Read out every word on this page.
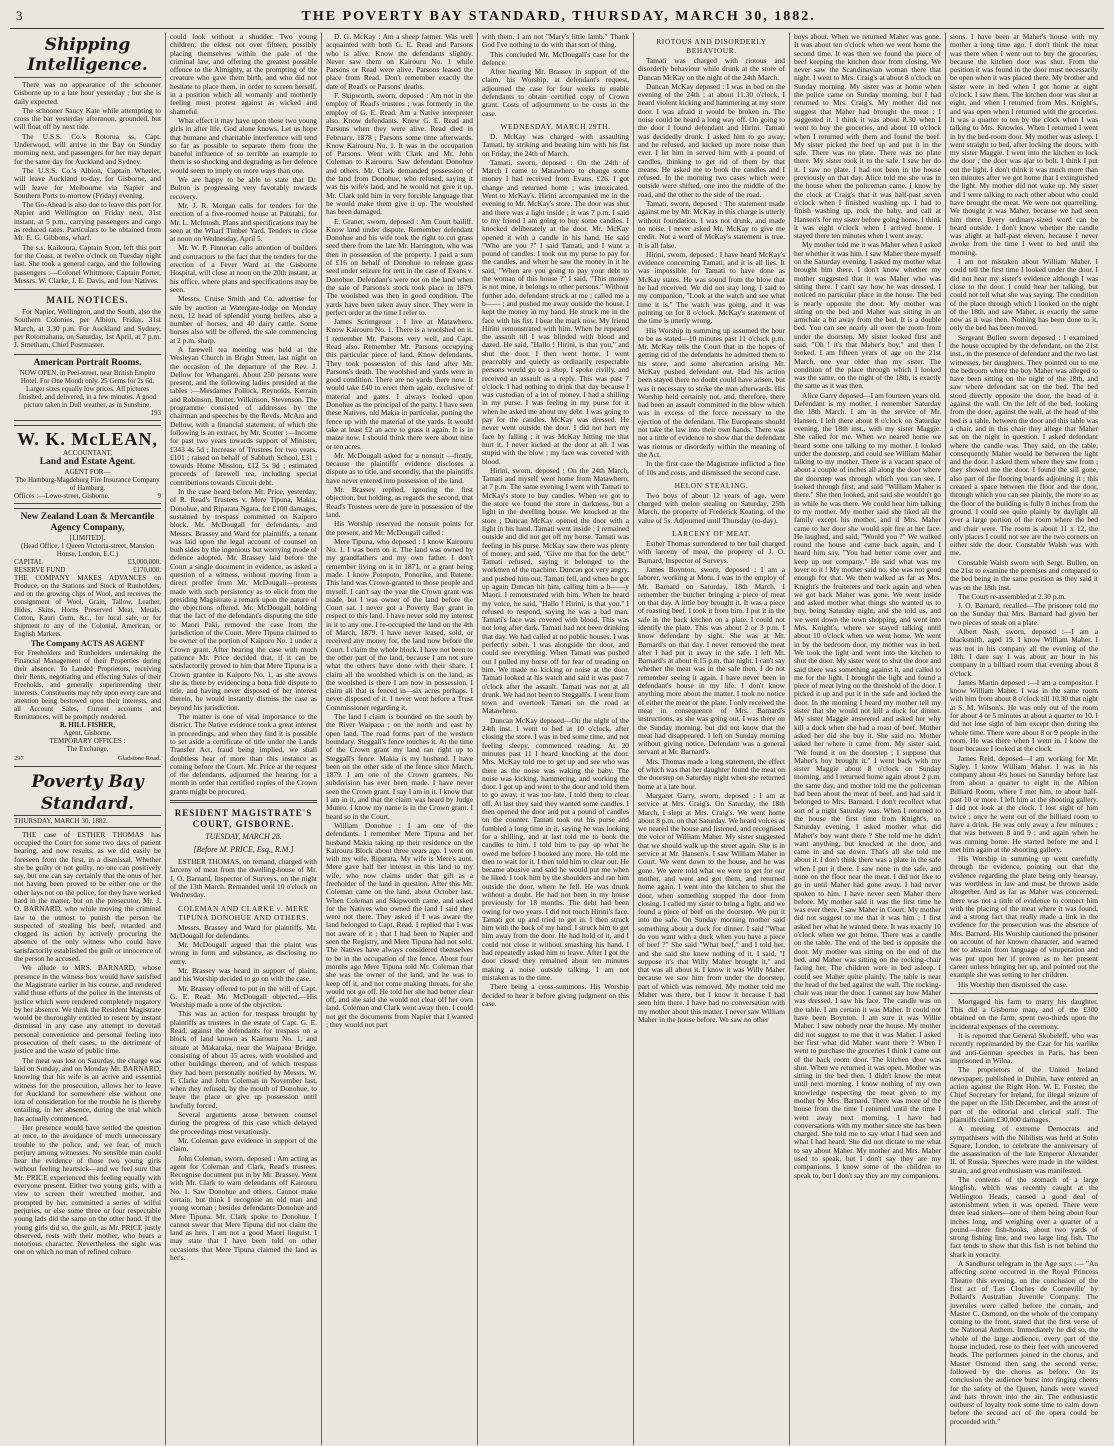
3	THE POVERTY BAY STANDARD, THURSDAY, MARCH 30, 1882.

Shipping Intelligence.

There was no appearance of the schooner Gisborne up to a late hour yesterday ; but she is daily expected.

The schooner Saucy Kate while attempting to cross the bar yesterday afternoon, grounded, but will float off by next tide.

The U.S.S. Co.'s Rotorua ss, Capt. Underwood, will arrive in the Bay on Sunday morning next, and passengers for her may depart for the same day for Auckland and Sydney.

The U.S.S. Co.'s Albion, Captain Wheeler, will leave Auckland to-day, for Gisborne, and will leave for Melbourne via Napier and Southern Ports to-morrow (Friday) evening.

The Go-Ahead is also due to leave this port for Napier and Wellington on Friday next, 31st instant, at 5 p.m., carrying passengers and cargo as reduced rates. Particulars to be obtained from Mr. E. G. Gibbons, wharf.

The s.s. Kaikoura, Captain Scott, left this port for the Coast, at twelve o'clock on Tuesday night last. She took a general cargo, and the following passengers :—Colonel Whitmore, Captain Porter, Messrs. W. Clarke, J. E. Davis, and four Natives.

MAIL NOTICES.

For Napier, Wellington, and the South, also the Southern Colonies, per Albion, Friday, 31st March, at 3.30 p.m. For Auckland and Sydney, per Rotomahana, on Saturday, 1st April, at 7 p.m. J. Smetham, Chief Postmaster.

American Portrait Rooms.
NOW OPEN, in Peel-street, near British Empire Hotel. For One Month only. 25 Gems for 2s 6d. Larger sizes equally low prices. All pictures finished, and delivered, in a few minutes. A good picture taken in Dull weather, as in Sunshine.
193
W. K. McLEAN,
ACCOUNTANT,
Land and Estate Agent.
AGENT FOR—
The Hamburg-Magdeburg Fire Insurance Company of Hamburg.
Offices :—Lowe-street, Gisborne.	9
New Zealand Loan & Mercantile Agency Company,
[LIMITED].
(Head Office, 1 Queen Victoria-street, Mansion House, London, E.C.)
CAPITAL	£3,000,000.
RESERVE FUND	£170,000.
THE COMPANY MAKES ADVANCES on Produce, on the Stations and Stock of Runholders, and on the growing clips of Wool, and receives the consignment of Wool, Grain, Tallow, Leather, Hides, Skins, Horns Preserved Meat, Metals, Cotton, Kauri Gum, &c., for local sale, or for shipment to any of the Colonial, American, or English Markets.
The Company ACTS AS AGENT
For Freeholders and Runholders undertaking the Financial Management of their Properties during their absence. To Landed Proprietors, receiving their Rents, negotiating and effecting Sales of their Freeholds, and generally superintending their interests. Constituents may rely upon every care and attention being bestowed upon their interests, and all Account Sales, Current accounts and Remittances, will be promptly rendered.
R. HILL FISHER,
Agent, Gisborne.
TEMPORARY OFFICES :
The Exchange,
297	Gladstone Road.
Poverty Bay Standard.
THURSDAY, MARCH 30, 1882.

THE case of ESTHER THOMAS has occupied the Court for some two days of patient hearing, and now results, as we did easily be foreseen from the first, in a dismissal. Whether she be guilty or not guilty, no one can positively say, but one can say certainly that the onus of her not having been proved to be either one or the other lays not on the police, for they have worked hard in the matter, but on the prosecutor, Mr. J. O. BARNARD, who while moving the criminal law to the utmost to punish the person he suspected of stealing his beef, retarded and clogged its action by actively procuring the absence of the only witness who could have satisfactorily established the guilt or innocence of the person he accused.

We allude to MRS. BARNARD, whose presence in the witness box would have satisfied the Magistrate earlier in his course, and rendered valid those efforts of the police in the interests of justice which were rendered completely nugatory by her absence. We think the Resident Magistrate would be thoroughly entitled to resent by instant dismissal in any case any attempt to dovetail personal convenience and personal feeling into prosecution of theft cases, to the detriment of justice and the waste of public time.

The meat was lost on Saturday, the charge was laid on Sunday, and on Monday Mr. BARNARD, knowing that his wife is an active and essential witness for the prosecution, allows her to leave for Auckland for somewhere else without one iota of consideration for the trouble he is thereby entailing, in her absence, during the trial which has actually commenced.

Her presence would have settled the question at once, to the avoidance of much unnecessary trouble to the police, and, we fear, of much perjury among witnesses. No sensible man could hear the evidence of those two young girls without feeling heartsick—and we feel sure that Mr. PRICE experienced this feeling equally with everyone present. Either two young girls, with a view to screen their wretched mother, and prompted by her, committed a series of wilful perjuries, or else some three or four respectable young lads did the same on the other hand. If the young girls did so, the guilt, as Mr. PRICE justly observed, rests with their mother, who bears a notorious character. Nevertheless the sight was one on which no man of refined culture

could look without a shudder. Two young children, the eldest not over fifteen, possibly placing themselves within the pale of the criminal law, and offering the greatest possible offence to the Almighty, at the prompting of the creature who gave them birth, and who did not hesitate to place them, in order to screen herself, in a position which all womanly and motherly feeling must protest against as wicked and shameful.

What effect it may have upon these two young girls in after life, God alone knows. Let us hope that humane and charitable interference will tend so far as possible to separate them from the baneful influence of so terrible an example to them is so shocking and degrading as her defence would seem to imply on more ways than one.

We are happy to be able to state that Dr. Bulton is progressing very favorably towards recovery.

Mr. J. R. Morgan calls for tenders for the erection of a five-roomed house at Patutahi, for Mr. L. McIntosh. Plans and specifications may be seen at the Wharf Timber Yard. Tenders to close at noon on Wednesday, April 5.

Mr. W. P. Finneran calls attention of builders and contractors to the fact that the tenders for the erection of a Fever Ward at the Gisborne Hospital, will close at noon on the 20th instant, at his office, where plans and specifications may be seen.

Messrs. Cruise Smith and Co. advertise for sale by auction at Watergate-lodge on Monday next, 12 head of splendid young heifers, also a number of horses, and 40 dairy cattle. Some horses also will be offered, the sale commencing at 2 p.m. sharp.

A farewell tea meeting was held at the Wesleyan Church in Bright Street, last night on the occasion of the departure of the Rev. J. Dellow for Whangarei. About 250 persons were present, and the following ladies presided at the tables :—Mesdames Pollock, Reynolds, Kerrain and Robinson, Rutter, Wilkinson, Stevenson. The programme consisted of addresses by the chairman and speeches by the Revds. McAra and Dellow, with a financial statement, of which the following is an extract, by Mr. Scotter :—Income for past two years towards support of Minister, £343 4s 5d ; Increase of Trustees for two years, £101 ; raised on behalf of Sabbath School, £31 ; towards Home Mission, £12 5s 9d ; estimated proceeds of farewell tea, including special contributions towards Circuit debt.

In the case heard before Mr. Price, yesterday, of R. Read's Trustees v. Mere Tipuna, Makia, Donohue, and Riparata Ngata, for £100 damages, sustained by trespass committed on Kaiporo block, Mr. McDougall for defendants, and Messrs. Brassey and Ward for plaintiffs, a tenant was laid upon the legal account of counsel on both sides by the ingenious but worrying mode of defence adopted. Mr. Brassey laid before the Court a single document in evidence, as asked a question of a witness, without moving from a direct proffer from Mr. McDougall—protests made with such persistency as to elicit from the presiding Magistrate a remark upon the nature of the objections offered. Mr. McDougall holding that the fact of the defendant's disputing the title to Maori Paki, removed the case from the jurisdiction of the Court. Mere Tipuna claimed to be owner of the portion of Kaiporo No. 1 under a Crown grant. After hearing the case with much patience Mr. Price decided that, if it can be satisfactorily proved to him that Mere Tipuna is a Crown grantee in Kaiporo No. 1, as she avows she is, there by evidencing a bona fide dispute to title, and having never disposed of her interest therein, he would instantly dismiss the case as beyond his jurisdiction.

The matter is one of vital importance to the district. The Native evidence took a great interest in proceedings, and when they find it is possible to set aside a certificate of title under the Lands Transfer Act, fraud being implied, we shall doubtless hear of more than this instance as coming before the Court. Mr. Price at the request of the defendants, adjourned the hearing for a month in order that certified copies of the Crown grants might be procured.

RESIDENT MAGISTRATE'S COURT, GISBORNE.
TUESDAY, MARCH 28.
[Before M. PRICE, Esq., R.M.]

ESTHER THOMAS, on remand, charged with larceny of meat from the dwelling-house of Mr. J. O. Barnard, Inspector of Surveys, on the night of the 13th March. Remanded until 10 o'clock on Wednesday.

COLEMAN AND CLARKE v. MERE TIPUNA DONOHUE AND OTHERS.

Messrs. Brassey and Ward for plaintiffs. Mr. McDougall for defendants.

Mr. McDougall argued that the plaint was wrong in form and substance, as disclosing no entry.

Mr. Brassey was heard in support of plaint, and his Worship decided to go on with the case.

Mr. Brassey offered to put in the will of Capt. G. E. Read. Mr. McDougall objected.—His Worship made a note of the objection.

This was an action for trespass brought by plaintiffs as trustees in the estate of Capt. G. E. Read, against the defendants for trespass on a block of land known as Kairouru No. 1, and situate at Makaraka, near the Waipaoa Bridge, consisting of about 15 acres, with woolshed and other buildings thereon, and of which trespass they had been personally notified by Messrs. W. F. Clarke and John Coleman in November last, when they refused, by the mouth of Donohue, to leave the place or give up possession until lawfully forced.

Several arguments arose between counsel during the progress of this case which delayed the proceedings most vexatiously.

Mr. Coleman gave evidence in support of the claim.

John Coleman, sworn, deposed : Am acting as agent for Coleman and Clark, Read's trustees. Recognise document put in by Mr. Brassey. Went with Mr. Clark to warn defendants off Kairouru No. 1. Saw Donohue and others. Cannot make certain, but think I recognise an old man and young woman ; besides defendants Donohue and Mere Tipuna. Mr. Clark spoke to Donohue. I cannot swear that Mere Tipuna did not claim the land as hers. I am not a good Maori linguist. I may state that I have been told on other occasions that Mere Tipuna claimed the land as her's.

D. G. McKay : Am a sheep farmer. Was well acquainted with both G. E. Read and Parsons who is alive. Know the defendants slightly. Never saw them on Kairouru No. 1 while Parsons or Read were alive. Parsons leased the place from Read. Don't remember exactly the date of Read's or Parsons' deaths.

F. Skipworth, sworn, deposed : Am not in the employ of Read's trustees ; was formerly in the employ of G. E. Read. Am a Native interpreter also. Know defendants. Knew G. E. Read and Parsons when they were alive. Read died in February, 1878 ; Parsons some time afterwards. Know Kairouru No. 1. It was in the occupation of Parsons. Went with Clark and Mr. John Coleman to Kairouru. Saw defendant Donohue and others. Mr. Clark demanded possession of the land from Donohue, who refused, saying it was his wife's land, and he would not give it up. Mr. Clark told him in very forcible language that he would make them give it up. The woolshed has been damaged.

E. Graner, sworn, deposed : Am Court bailiff. Know land under dispute. Remember defendant Donohue and his wife took the right to cut grass seed there from the late Mr. Harrington, who was then in possession of the property. I paid a sum of £16 on behalf of Donohue to release grass seed under seizure for rent in the case of Evans v. Donohue. Defendant's were not on the land when the sale of Parsons's stock took place in 1879. The woolshed was then in good condition. The yards have been taken away since. They were in perfect order at the time I refer to.

James Scrimgeour : I live at Matawhero. Know Kairouru No. 1. There is a woolshed on it. I remember Mr. Parsons very well, and Capt. Read also. Remember Mr. Parsons occupying this particular piece of land. Know defendants. They took possession of this land after Mr. Parsons's death. The woolshed and yards were in good condition. There are no yards there now. It would take £40 to erect them again, exclusive of material and gates. I always looked upon Donohue as the principal of the party. I have seen these Natives, old Makia in particular, putting the fence up with the material of the yards. It would take at least £2 an acre to grass it again. It is in maize now. I should think there were about nine or ten acres.

Mr. McDougall asked for a nonsuit —firstly, because the plaintiffs' evidence discloses a dispute as to title, and secondly, that the plaintiffs have never entered into possession of the land.

Mr. Brassey replied, ignoring the first objection, but holding, as regards the second, that Read's Trustees were de jure in possession of the land.

His Worship reserved the nonsuit points for the present, and Mr. McDougall called :

Mere Tipuna, who deposed : I know Kairouru No. 1. I was born on it. The land was owned by my grandfathers and my own father. I don't remember living on it in 1871, or a grant being made. I know Potopoto, Ponorike, and Rutene. This land was Crown-granted to those people and myself. I can't say the year the Crown grant was made, but I was owner of the land before the Court sat. I never got a Poverty Bay grant in respect to this land. I have never sold my interest in it to any one. I re-occupied the land on the 4th of March, 1879. I have never leased, sold, or received any money for, the land now before the Court. I claim the whole block. I have not been to the other part of the land, because I am not sure what the others have done with their share. I claim all the woolshed which is on the land, as the woolshed is there I am now in possession. I claim all that is fenced in—six acres perhaps. I never disposed of it. I never went before a Trust Commissioner regarding it.

The land I claim is bounded on the south by the River Waipaoa ; on the north and east by open land. The road forms part of the western boundary. Steggall's fence touches it. At the time of the Crown grant my land ran right up to Steggall's fence. Makia is my husband. I have been on the other side of the fence since March, 1879. I am one of the Crown grantees. No subdivision has ever been made. I have never seen the Crown grant. I say I am in it. I know that I am in it, and that the claim was heard by Judge Munro. I know my name is in the Crown grant. I heard so in the Court.

William Donohue : I am one of the defendants. I remember Mere Tipuna and her husband Makia taking up their residence on the Kairouru Block about three years ago. I went on with my wife, Riparata. My wife is Mere's aunt. Mere gave half her interest in this land to my wife, who now claims under that gift as a freeholder of the land in question. After this Mr. Coleman came on the land, about October last. When Coleman and Skipworth came, and asked for the Natives who owned the land I said they were not there. They asked if I was aware the land belonged to Capt. Read. I replied that I was not aware of it ; that I had been to Napier and seen the Registry, and Mere Tipuna had not sold. The Natives have always considered themselves to be in the occupation of the fence. About four months ago Mere Tipuna told Mr. Coleman that she was the owner of the land, and he was to keep off it, and not come making threats, for she would not go off. He told her she had better clear off, and she said she would not clear off her own land. Coleman and Clark went away then. I could not get the documents from Napier that I wanted ; they would not part

with them. I am not "Mary's little lamb." Thank God I've nothing to do with that sort of thing.

This concluded Mr. McDougall's case for the defence.

After hearing Mr. Brassey in support of the claim, his Worship, at defendant's request, adjourned the case for four weeks to enable defendants to obtain certified copy of Crown grant. Costs of adjournment to be costs in the case.

WEDNESDAY, MARCH 29TH.

D. McKay was charged with assaulting Tamati, by striking and beating him with his fist on Friday, the 24th of March.

Tamati, sworn, deposed : On the 24th of March I came to Matawhero to change some money I had received from Evans, £26. I got change and returned home ; was intoxicated. Went to McKay's. Hirini accompanied me in the evening to Mr. McKay's store. The door was shut and there was a light inside ; it was 7 p.m. I said to my friend I am going to buy some candles. I knocked deliberately at the door. Mr. McKay opened it with a candle in his hand. He said "Who are you ?" I said Tamati, and I want a pound of candles. I took out my purse to pay for the candles, and when he saw the money in it he said, "When are you going to pay your debt to the woman of this house ?" I said, "This money is not mine, it belongs to other persons." Without further ado, defendant struck at me ; called me a b—— ; and pushed me away outside the house. I kept the money in my hand. He struck me in the face with his fist. I bear the mark now. My friend Hirini remonstrated with him. When he repeated the assault till I was blinded with blood and dazed. He said, "Hallo ! Hirini, is that you," and shut the door. I then went home. I went peaceably and quietly as ordinarily respectable persons would go to a shop. I spoke civilly, and received an assault as a reply. This was past 7 o'clock. I had nothing to drink that day because I was custodian of a lot of money. I had a shilling in my purse. I was feeling in my purse for it when he asked me about my debt. I was going to pay for the candles. McKay was dressed. He never went outside the door. I did not hurt my face by falling ; it was McKay hitting me that hurt it. I never kicked at the door at all. I was stupid with the blow ; my face was covered with blood.

Hirini, sworn, deposed : On the 24th March, Tamati and myself went home from Matawhero, at 7 p.m. The same evening I went with Tamati to McKay's store to buy candles. When we got to the store we found the store in darkness, but a light in the dwelling house. We knocked at the store ; Duncan McKay opened the door with a light in his hand. Tamati went inside ; I remained outside and did not get off my horse. Tamati was feeling in his purse. McKay saw there was plenty of money, and said, "Give me that for the debt." Tamati refused, saying it belonged to the workmen of the machine. Duncan got very angry, and pushed him out. Tamati fell, and when he got up again Duncan hit him, calling him a b——y Maori. I remonstrated with him. When he heard my voice, he said, "Hallo ! Hirini, is that you." I refused to respond, saying he was a bad man. Tamati's face was covered with blood. This was not long after dark. Tamati had not been drinking that day. We had called at no public houses. I was perfectly sober. I was alongside the door, and could see everything. When Tamati was pushed out I pulled my horse off for fear of treading on him. We made no kicking or noise at the door. Tamati looked at his watch and said it was past 7 o'clock after the assault. Tamati was not at all drunk. We had not been to Steggall's. I went from town and overtook Tamati on the road at Matawhero.

Duncan McKay deposed—On the night of the 24th inst. I went to bed at 10 o'clock, after closing the store. I was in bed some time, and not feeling sleepy, commenced reading. At 20 minutes past 11 I heard knocking at the door. Mrs. McKay told me to get up and see who was there as the noise was waking the baby. The noise was kicking, hammering, and working the door. I got up and went to the door and told them to go away, it was too late. I told them to clear off. At last they said they wanted some candles. I then opened the door and put a pound of candles on the counter. Tamati took out his purse and fumbled a long time in it, saying he was looking for a shilling, and at last told me to book the candles to him. I told him to pay up what he owed me before I booked any more. He told me then to wait for it. I then told him to clear out. He became abusive and said he would put me when he liked. I took him by the shoulders and ran him outside the door, where he fell. He was drunk without a doubt. He had not been in my house previously for 18 months. The debt had been owing for two years. I did not touch Hirini's face. Tamati got up and tried to get in. I then struck him with the back of my hand. I struck him to get him away from the door. He had hold of it, and I could not close it without smashing his hand. I had repeatedly asked him to leave. After I got the door closed they remained about ten minutes making a noise outside talking. I am not mistaken as to the time.

There being a cross-summons, His Worship decided to hear it before giving judgment on this case.

RIOTOUS AND DISORDERLY BEHAVIOUR.

Tamati was charged with riotous and disorderly behaviour while drunk at the store of Duncan McKay on the night of the 24th March.

Duncan McKay deposed : I was in bed on the evening of the 24th ; at about 11.30 o'clock, I heard violent kicking and hammering at my store door. I was afraid it would be broken in. The noise could be heard a long way off. On going to the door I found defendant and Hirini. Tamati was decidedly drunk. I asked him to go away, and he refused, and kicked up more noise than ever. I let him in served him with a pound of candles, thinking to get rid of them by that means. He asked me to book the candles and I refused. In the morning two cases which were outside were shifted, one into the middle of the road, and the other to the side of the road.

Tamati, sworn, deposed : The statement made against me by Mr. McKay in this charge is utterly without foundation. I was not drunk, and made no noise. I never asked Mr. McKay to give me credit. Not a word of McKay's statement is true. It is all false.

Hirini, sworn, deposed : I have heard McKay's evidence concerning Tamati, and it is all lies. It was impossible for Tamati to have done as McKay states. He was sound from the blow that he had received. We did not stay long. I said to my companion, "Look at the watch and see what time it is." The watch was going, and it was pointing on for 8 o'clock. McKay's statement of the time is utterly wrong.

His Worship in summing up assumed the hour to be as stated—10 minutes past 11 o'clock p.m. Mr. McKay tells the Court that in the hopes of getting rid of the defendants he admitted them to his store, and some altercation arising Mr. McKay pushed defendant out. Had his action been stayed there no doubt could have arisen, but was it necessary to strike the man afterwards. His Worship held certainly not, and, therefore, there had been an assault committed in the blow which was in excess of the force necessary to the ejection of the defendant. The Europeans should not take the law into their own hands. There was not a tittle of evidence to show that the defendant was riotous or disorderly within the meaning of the Act.

In the first case the Magistrate inflicted a fine of 10s and costs, and dismissed the second case.

HELON STEALING.

Two boys of about 12 years of age, were charged with melon stealing on Saturday, 25th March, the property of Frederick Keating, of the value of 5s. Adjourned until Thursday (to-day).

LARCENY OF MEAT.

Esther Thomas surrendered to her bail charged with larceny of meat, the property of J. O. Barnard, Inspector of Surveys.

James Boynton, sworn, deposed : I am a laborer, working at Motu. I was in the employ of Mr. Barnard on Saturday, 18th March. I remember the butcher bringing a piece of meat on that day. A little boy brought it. It was a piece of roasting beef. I took it from him. I put it in the safe in the back kitchen on a plate. I could not identify the plate. This was about 2 or 3 p.m. I know defendant by sight. She was at Mr. Barnard's on that day. I never removed the meat after I had put it away in the safe. I left Mr. Barnard's at about 6.15 p.m. that night. I can't say whether the meat was in the safe then. I do not remember seeing it again. I have never been in defendant's house in my life. I don't know anything more about the matter. I took no notice of either the meat or the plate. I only received the meat in consequence of Mrs. Barnard's instructions, as she was going out. I was there on the Sunday morning, but did not know that the meat had disappeared. I left on Sunday morning without giving notice. Defendant was a general servant at Mr. Barnard's.

Mrs. Thomas made a long statement, the effect of which was that her daughter found the meat on the doorstep on Saturday night when she returned home at a late hour.

Margaret Garry, sworn, deposed : I am at service at Mrs. Craig's. On Saturday, the 18th March, I slept at Mrs. Craig's. We went home about 8 p.m. on that Saturday. We heard voices as we neared the house and listened, and recognised the voice of William Maher. My sister suggested that we should walk up the street again. She is in service at Mr. Hansen's. I saw William Maher in Court. We went down to the house, and he was gone. We were told what we were to get for our mother, and went and got them, and returned home again. I went into the kitchen to shut the door, when something stopped the door from closing. I called my sister to bring a light, and we found a piece of beef on the doorstep. We put it into the safe. On Sunday morning mother said something about a duck for dinner. I said "What do you want with a duck when you have a piece of beef ?" She said "What beef," and I told her, and she said she knew nothing of it. I said, "I suppose it's that Willy Maher brought it," and that was all about it. I know it was Willy Maher because we saw him from under the doorstep, part of which was removed. My mother told me Maher was there, but I know it because I had seen him there. I have had no conversation with my mother about this matter. I never saw William Maher in the house before. We saw no other

boys about. When we returned Maher was gone. It was about ten o'clock when we went home the second time. It was then we found the piece of beef keeping the kitchen door from closing. We never saw the Scandinavian woman there that night. I went to Mrs. Craig's at about 8 o'clock on Sunday morning. My sister was at home when the police came on Sunday morning, but I had returned to Mrs. Craig's. My mother did not suggest that Maher had brought the meat ; I suggested it. I think it was about 8.30 when I went to buy the groceries, and about 10 o'clock when I returned with them and found the beef. My sister picked the beef up and put it in the safe. There was no plate. There was no plate there. My sister took it to the safe. I saw her do it. I saw no plate. I had not been in the house previously on that day. Alice told me she was in the house when the policeman came. I know by the clock at Craig's that it was half-past seven o'clock when I finished washing up. I had to finish washing up, rock the baby, and call at Hansen's for my sister before going home. I think it was eight o'clock when I arrived home. I stayed there ten minutes when I went away.

My mother told me it was Maher when I asked her whether it was him. I saw Maher there myself on the Saturday evening. I asked my mother what brought him there. I don't know whether my mother suggested that it was Maher who was sitting there. I can't say how he was dressed. I noticed no particular place in the house. The bed is nearly opposite the door. My mother was sitting on the bed and Maher was sitting in an armchair a bit away from the bed. It is a double bed. You can see nearly all over the room from under the doorstep. My sister looked first and said, "Oh ! it's that Maher's boy," and then I looked. I am fifteen years of age on the 21st March, one year older than my sister. The condition of the place through which I looked was the same, on the night of the 18th, is exactly the same as it was then.

Alice Garry deposed—I am fourteen years old. Defendant is my mother. I remember Saturday the 18th March. I am in the service of Mr. Hansen. I left there about 8 o'clock on Saturday evening, the 18th inst., with my sister Maggie. She called for me. When we neared home we heard some one talking to my mother. I looked under the doorstep, and could see William Maher talking to my mother. There is a vacant space of about a couple of inches all along the door where the doorstep was through which you can see. I looked through first, and said "William Maher is there." She then looked, and said she wouldn't go in while he was there. We could hear him talking to my mother. My mother said she liked all the family except his mother, and if Mrs. Maher came to her door she would spit fire at her face. He laughed, and said, "Would you ?" We walked round the house and came back again, and I heard him say, "You had better come over and keep up our company." He said what was my lover to it ! My mother said no, she was not good enough for that. We then walked as far as Mrs. Knight's the fruiterers and back again and when we got back Maher was gone. We went inside and asked mother what things she wanted us to buy, being Saturday night, and she told us, and we went down the town shopping, and went into Mrs. Knight's, where we stayed talking until about 10 o'clock when we went home. We went in by the bedroom door, my mother was in bed. We took the light and went into the kitchen to shut the door. My sister went to shut the door and said there was something against it, and called to me for the light. I brought the light and found a piece of meat lying on the threshold of the door. I picked it up and put it in the safe and locked the door. In the morning I heard my mother tell my sister that she would not kill a duck for dinner. My sister Maggie answered and asked her why kill a duck when she had a roast of beef. Mother asked her did she buy it. She said no. Mother asked her where it came from. My sister said, "We found it on the doorstep ; I suppose that Maher's boy brought it." I went back with my sister Maggie about 8 o'clock on Sunday morning, and I returned home again about 2 p.m. the same day, and mother told me the policeman had been about the meat of beef, and had said it belonged to Mrs. Barnard. I don't recollect what sort of a night Saturday was. When I returned to the house the first time from Knight's, on Saturday evening, I asked mother what did Maher's boy want there ? She told me he didn't want anything, but knocked at the door, and came in and sat down. That's all she told me about it. I don't think there was a plate in the safe when I put it there. I saw none in the safe, and none on the floor near the meat. I did not like to go in until Maher had gone away. I had never spoken to him. I have never seen Maher there before. My mother said it was the first time he was ever there. I saw Maher in Court. My mother did not suggest to me that it was him ; I first asked her what he wanted there. It was exactly 10 o'clock when we got home. There was a candle on the table. The end of the bed is opposite the door. My mother was sitting on the end of the bed, and Maher was sitting on the rocking-chair facing her. The children were in bed asleep. I could see Maher quite plainly. The table is near the head of the bed against the wall. The rocking-chair was near the door. I cannot say how Maher was dressed. I saw his face. The candle was on the table. I am certain it was Maher. It could not have been Boynton. I am sure it was Willie Maher. I saw nobody near the house. My mother did not suggest to me that it was Maher. I asked her first what did Maher want there ? When I went to purchase the groceries I think I came out of the back room door. The kitchen door was shut. When we returned it was open. Mother was sitting in the bed then. I didn't know the meat until next morning. I know nothing of my own knowledge respecting the meat given to my mother by Mrs. Barnard. There was more of the house from the time I returned until the time I went away next morning. I have had conversations with my mother since she has been charged. She told me to say what I had seen and what I had heard. She did not dictate to me what to say about Maher. My mother and Mrs. Maher used to speak, but I don't say they are my companions. I know some of the children to speak to, but I don't say they are my companions.

sions. I have been at Maher's house with my mother a long time ago. I don't think the meat was there when I went out to buy the groceries, because the kitchen door was shut. From the position it was found in the door must necessarily be open when it was placed there. My brother and sister were in bed when I got home at eight o'clock. I saw them. The kitchen door was shut at eight, and when I returned from Mrs. Knight's, and was open when I returned with the groceries. It was a quarter to ten by the clock when I was talking to Mrs. Knowles. When I returned I went in by the bed-room door. My mother was asleep. I went straight to bed, after locking the doors, with my sister Maggie. I went into the kitchen to lock the door ; the door was ajar to bolt. I think I put out the light. I don't think it was much more than ten minutes after we got home that I extinguished the light. My mother did not wake up. My sister and I were talking to each other about who could have brought the meat. We were not quarrelling. We thought it was Maher, because we had seen him there. Every ordinary-sized word can be heard outside. I don't know whether the candle was alight at half-past eleven, because I never awoke from the time I went to bed until the morning.

I am not mistaken about William Maher. I could tell the first time I looked under the door. I did not hear my sister's evidence although I was close to the door. I could hear her talking, but could not tell what she was saying. The condition of the place through which I looked on the night of the 18th, and saw Maher, is exactly the same now as it was then. Nothing has been done to it, only the bed has been moved.

Sergeant Bullen sworn deposed : I examined the house occupied by the defendant, on the 21st inst., in the presence of defendant and the two last witnesses, her daughters. They pointed out to me the bedroom where the boy Maher was alleged to have been sitting on the night of the 18th, and saw where defendant sat on the bed. The bed stood directly opposite the door, the head of it against the wall. On the left of the bed, looking from the door, against the wall, at the head of the bed is a table, between the door and this table was a chair, and in this chair they allege that Maher sat on the night in question. I asked defendant where the candle was. They said, on the table, consequently Maher would be between the light and the door. I asked them where they saw from ; they showed me the door. I found the sill gone, also part of the flooring boards adjoining it ; this created a space between the floor and the door, through which you can see plainly, the more so as the floor of the building is fully 8 inches from the ground. I could see quite plainly by daylight all over a large portion of the room where the bed and chair were. The room is about 11 x 12, the only places I could not see are the two corners on either side the door. Constable Walsh was with me.

Constable Walsh sworn with Sergt. Bullen, on the 21st to examine the premises and compared to the bed being in the same position as they said it was on the 18th inst.

The Court re-assembled at 2.30 p.m.

J. O. Barnard, recalled—The prisoner told me on the Sunday that Mrs. Barnard had given her two pieces of steak on a plate.

Albert Nash, sworn, deposed :—I am a blacksmith, aged 19. I know William Maher. I was not in his company all the evening of the 18th. I dare say I was about an hour in his company in a billiard room that evening about 8 o'clock.

James Martin deposed :—I am a compositor. I know William Maher. I was in the same room with him from about 8 o'clock till 10.30 that night at S. M. Wilson's. He was only out of the room for about 4 or 5 minutes at about a quarter to 10. I did not lose sight of him except then during the whole time. There were about 8 or 9 people in the room. He was there when I went in. I know the hour because I looked at the clock.

James Reid, deposed—I am working for Mr. Sigley. I know William Maher. I was in his company about 4½ hours on Saturday before last from about a quarter to eight in the Albion Billiard Room, where I met him, to about half-past 10 or more. I left him at the shooting gallery. I did not look at the clock. I lost sight of him twice ; once he went out of the billiard room to have a drink. He was only away a few minutes ; that was between 8 and 9 ; and again when he was running home. He started before me and I met him again at the shooting gallery.

His Worship in summing up went carefully through the evidence, pointing out that the evidence regarding the plate being only hearsay, was worthless in law and must be thrown aside altogether. And as far as Maher was concerned, there was not a tittle of evidence to connect him with the placing of the meat where it was found, and a strong fact that really made a link in the evidence for the prosecution was the absence of Mrs. Barnard. His Worship cautioned the prisoner on account of her known character, and warned her to abstain from language of vituperation and was put upon her if proven as to her present career unless bringing her up, and pointed out the example she was setting to her children.

His Worship then dismissed the case.

Mortgaged his farm to marry his daughter. This did a Gisborne man, and of the £300 obtained on the farm, spent two-thirds upon the incidental expenses of the ceremony.

It is reported that General Skobeleff, who was recently reprimanded by the Czar for his warlike and anti-German speeches in Paris, has been imprisoned in Wilna.

The proprietors of the United Ireland newspaper, published in Dublin, have entered an action against the Right Hon. W. E. Forster, the Chief Secretary for Ireland, for illegal seizure of the paper on the 15th December, and the arrest of part of the editorial and clerical staff. The plaintiffs claim £30,000 damages.

A meeting of extreme Democrats and sympathisers with the Nihilists was held at Soho Square, London, to celebrate the anniversary of the assassination of the late Emperor Alexander II. of Russia. Speeches were made in the wildest strain, and great enthusiasm was manifested.

The contents of the stomach of a large kingfish, which was recently caught at the Wellington Heads, caused a good deal of astonishment when it was opened. There were three lead sinkers—one of them being about four inches long, and weighing over a quarter of a pound—three fish-hooks, about two yards of strong fishing line, and two large ling fish. The fact tends to show that this fish is not behind the shark in voracity.

A Sandhurst telegram in the Age says :— "An affecting scene occurred in the Royal Princess Theatre this evening, on the conclusion of the first act of 'Les Cloches de Corneville' by Pollard's Australian Juvenile Company. The juveniles were called before the curtain, and Master C. Osmond, on the whole of the company coming to the front, stated that the first verse of the National Anthem. Immediately he did so, the whole of the large audience, every part of the house included, rose to their feet with uncovered heads. The performers joined in the chorus, and Master Osmond then sang the second verse, followed by the chorus as before. On its conclusion the audience burst into ringing cheers for the safety of the Queen, hands were waved and hats thrown into the air. The enthusiastic outburst of loyalty took some time to calm down before the second act of the opera could be proceeded with."
